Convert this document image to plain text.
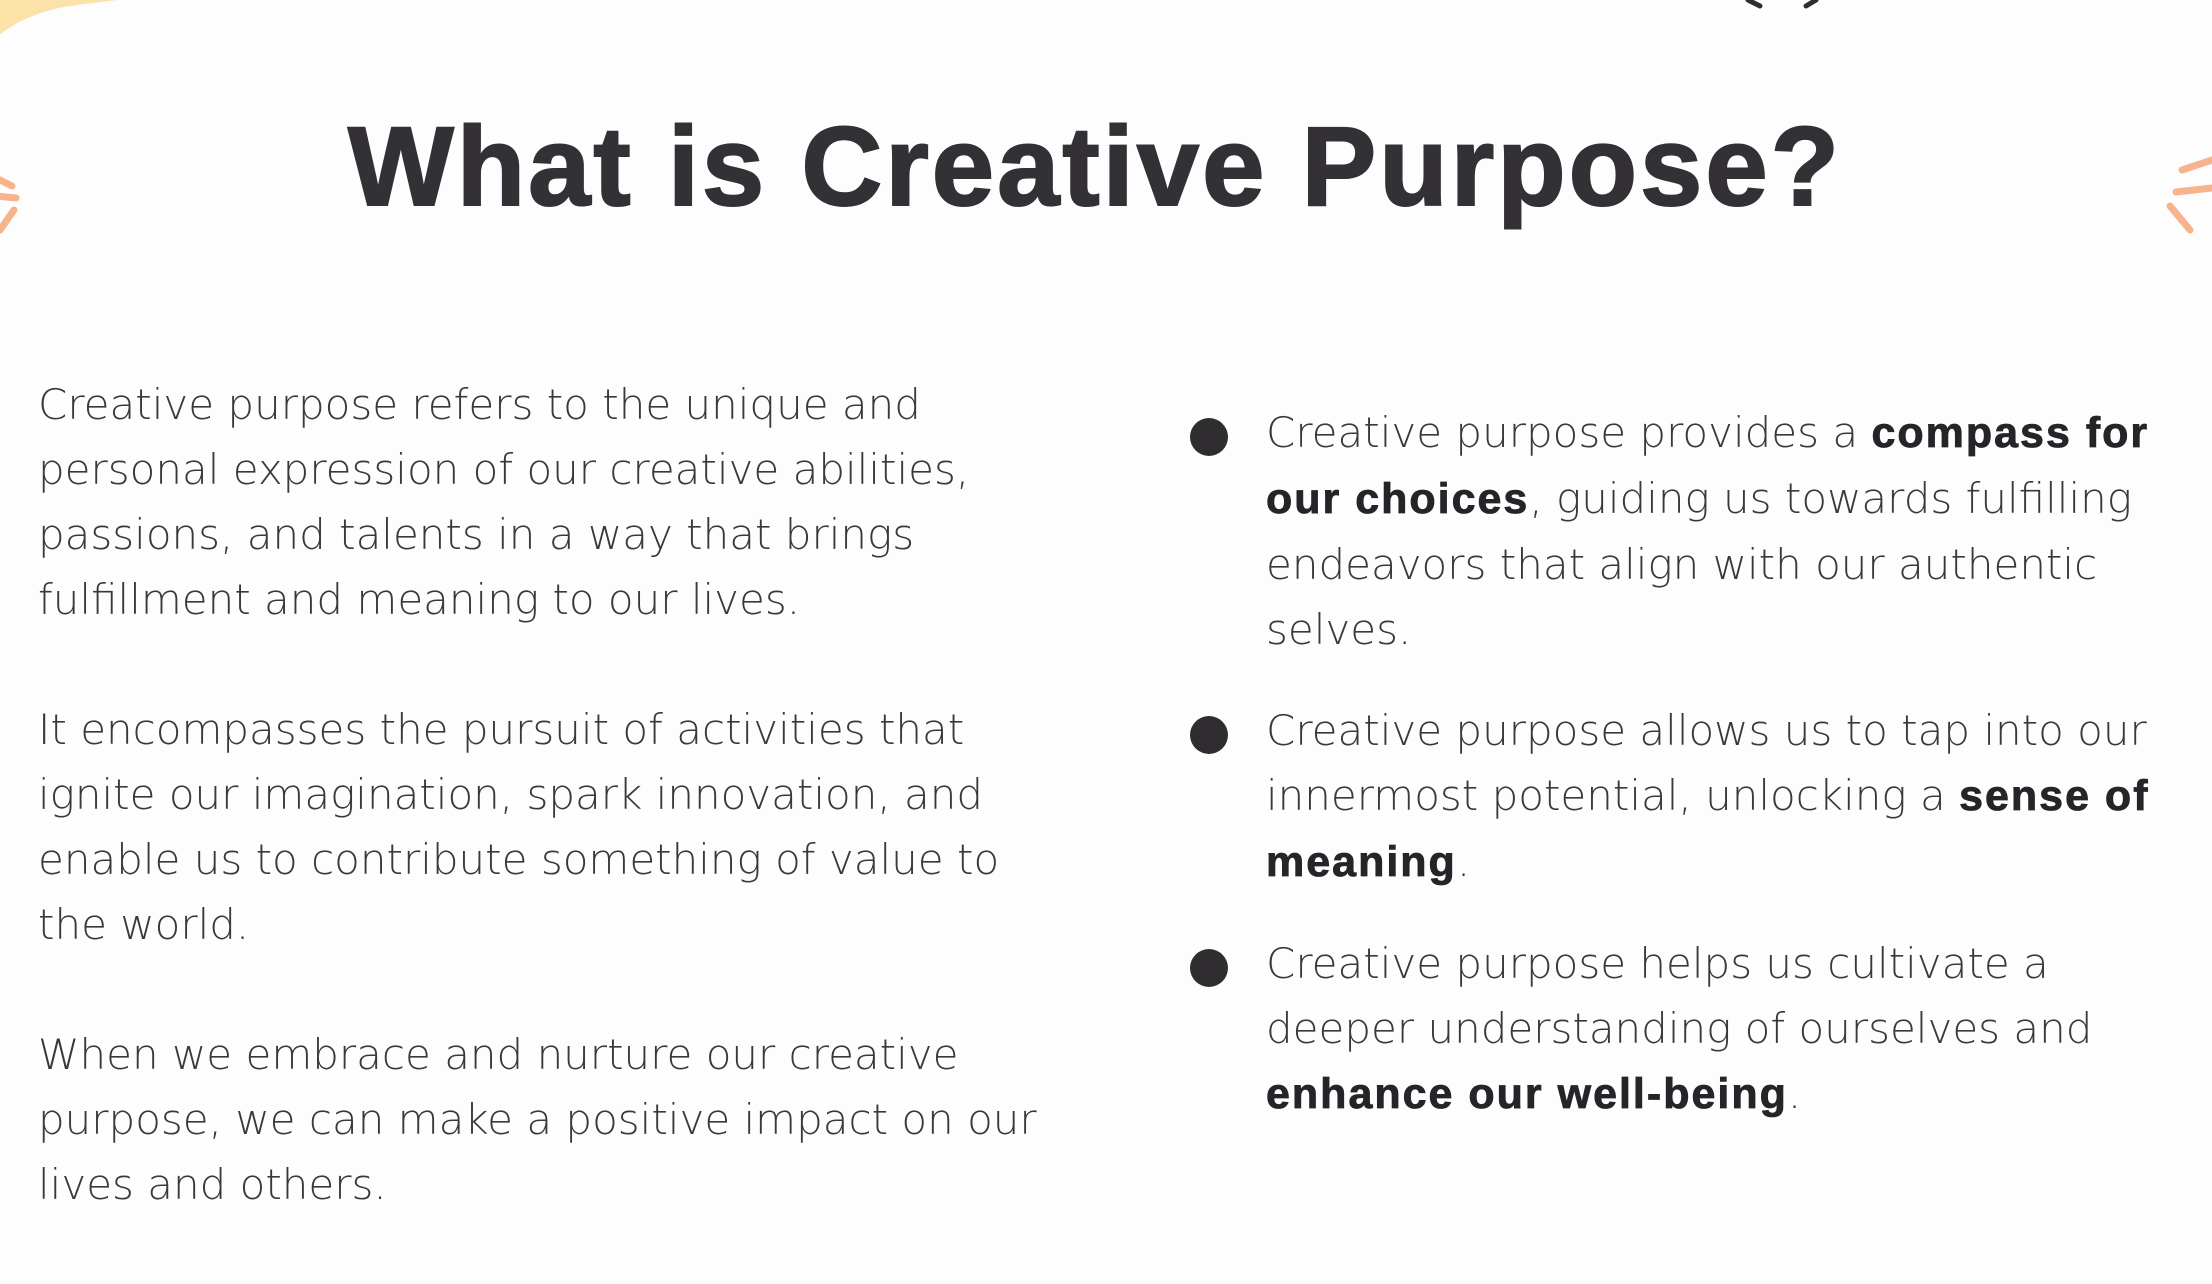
What is Creative Purpose?

Creative purpose refers to the unique and personal expression of our creative abilities, passions, and talents in a way that brings fulfillment and meaning to our lives.

It encompasses the pursuit of activities that ignite our imagination, spark innovation, and enable us to contribute something of value to the world.

When we embrace and nurture our creative purpose, we can make a positive impact on our lives and others.

Creative purpose provides a compass for our choices, guiding us towards fulfilling endeavors that align with our authentic selves.
Creative purpose allows us to tap into our innermost potential, unlocking a sense of meaning.
Creative purpose helps us cultivate a deeper understanding of ourselves and enhance our well-being.
